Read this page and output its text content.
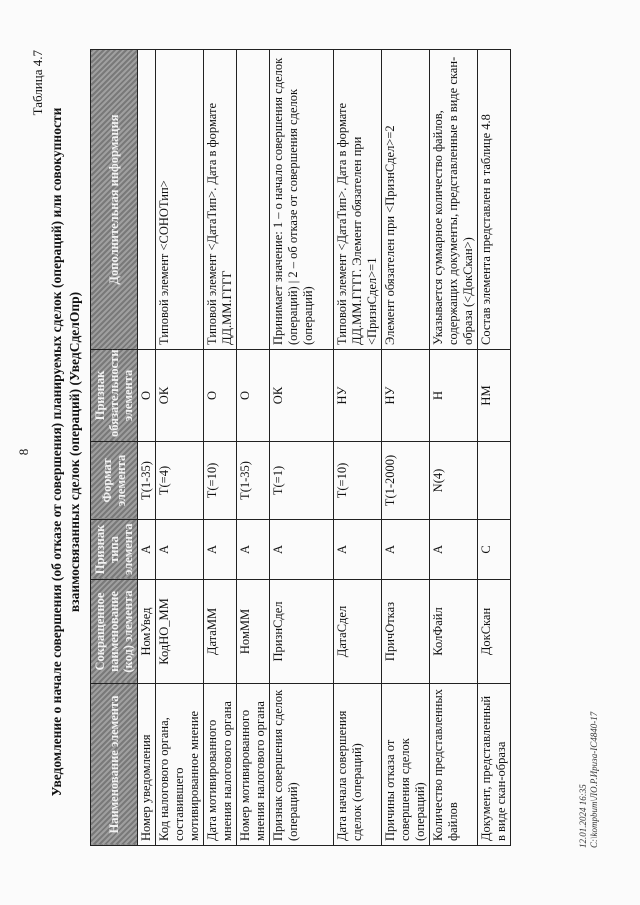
8
Таблица 4.7
Уведомление о начале совершения (об отказе от совершения) планируемых сделок (операций) или совокупности взаимосвязанных сделок (операций) (УведСделОпр)
Наименование элемента	Сокращенное наименование (код) элемента	Признак типа элемента	Формат элемента	Признак обязательности элемента	Дополнительная информация
Номер уведомления	НомУвед	А	Т(1-35)	О	
Код налогового органа, составившего мотивированное мнение	КодНО_ММ	А	Т(=4)	ОК	Типовой элемент <СОНОТип>
Дата мотивированного мнения налогового органа	ДатаММ	А	Т(=10)	О	Типовой элемент <ДатаТип>. Дата в формате ДД.ММ.ГГГГ
Номер мотивированного мнения налогового органа	НомММ	А	Т(1-35)	О	
Признак совершения сделок (операций)	ПризнСдел	А	Т(=1)	ОК	Принимает значение: 1 – о начало совершения сделок (операций) | 2 – об отказе от совершения сделок (операций)
Дата начала совершения сделок (операций)	ДатаСдел	А	Т(=10)	НУ	Типовой элемент <ДатаТип>. Дата в формате ДД.ММ.ГГГГ. Элемент обязателен при <ПризнСдел>=1
Причины отказа от совершения сделок (операций)	ПричОтказ	А	Т(1-2000)	НУ	Элемент обязателен при <ПризнСдел>=2
Количество представленных файлов	КолФайл	А	N(4)	Н	Указывается суммарное количество файлов, содержащих документы, представленные в виде скан-образа (<ДокСкан>)
Документ, представленный в виде скан-образа	ДокСкан	С		НМ	Состав элемента представлен в таблице 4.8
12.01.2024 16:35 C:\kompbum\ЛО.Р.Ириза-IC4840-17
